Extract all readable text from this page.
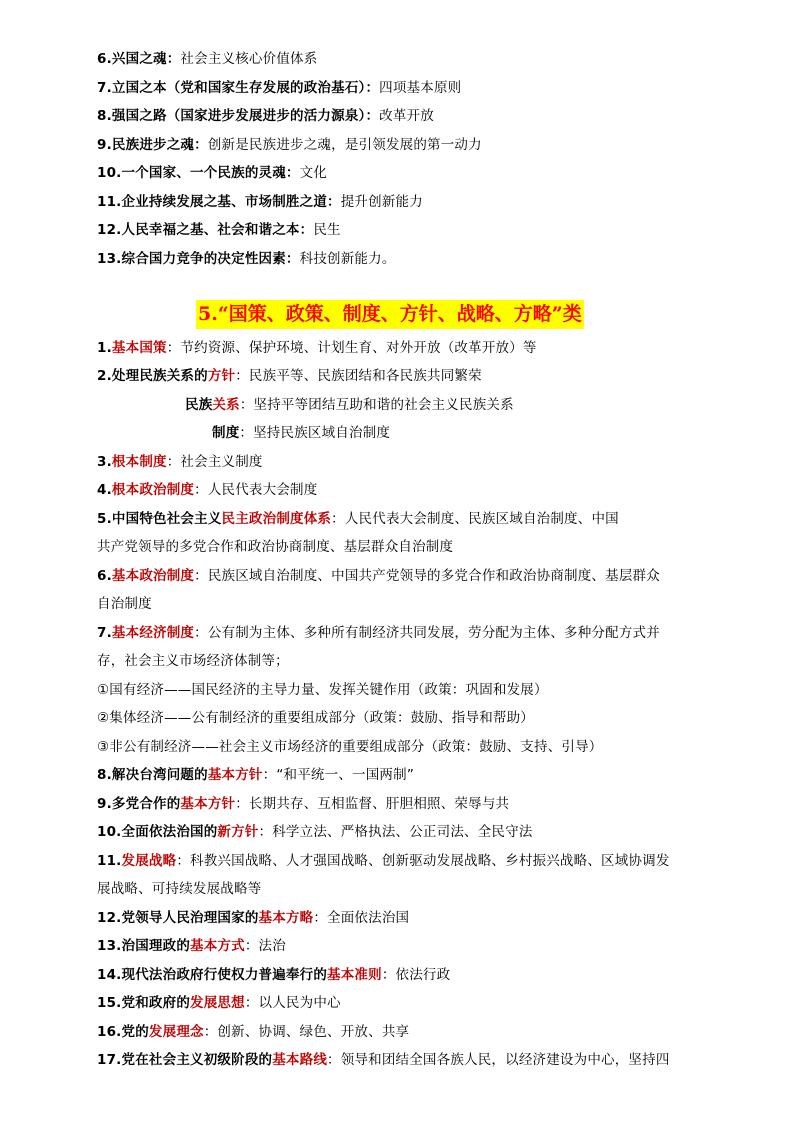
6.兴国之魂：社会主义核心价值体系
7.立国之本（党和国家生存发展的政治基石）：四项基本原则
8.强国之路（国家进步发展进步的活力源泉）：改革开放
9.民族进步之魂：创新是民族进步之魂，是引领发展的第一动力
10.一个国家、一个民族的灵魂：文化
11.企业持续发展之基、市场制胜之道：提升创新能力
12.人民幸福之基、社会和谐之本：民生
13.综合国力竞争的决定性因素：科技创新能力。
5.“国策、政策、制度、方针、战略、方略”类
1.基本国策：节约资源、保护环境、计划生育、对外开放（改革开放）等
2.处理民族关系的方针：民族平等、民族团结和各民族共同繁荣
民族关系：坚持平等团结互助和谐的社会主义民族关系
制度：坚持民族区域自治制度
3.根本制度：社会主义制度
4.根本政治制度：人民代表大会制度
5.中国特色社会主义民主政治制度体系：人民代表大会制度、民族区域自治制度、中国
共产党领导的多党合作和政治协商制度、基层群众自治制度
6.基本政治制度：民族区域自治制度、中国共产党领导的多党合作和政治协商制度、基层群众
自治制度
7.基本经济制度：公有制为主体、多种所有制经济共同发展，劳分配为主体、多种分配方式并
存，社会主义市场经济体制等；
①国有经济——国民经济的主导力量、发挥关键作用（政策：巩固和发展）
②集体经济——公有制经济的重要组成部分（政策：鼓励、指导和帮助）
③非公有制经济——社会主义市场经济的重要组成部分（政策：鼓励、支持、引导）
8.解决台湾问题的基本方针：“和平统一、一国两制”
9.多党合作的基本方针：长期共存、互相监督、肝胆相照、荣辱与共
10.全面依法治国的新方针：科学立法、严格执法、公正司法、全民守法
11.发展战略：科教兴国战略、人才强国战略、创新驱动发展战略、乡村振兴战略、区域协调发
展战略、可持续发展战略等
12.党领导人民治理国家的基本方略：全面依法治国
13.治国理政的基本方式：法治
14.现代法治政府行使权力普遍奉行的基本准则：依法行政
15.党和政府的发展思想：以人民为中心
16.党的发展理念：创新、协调、绿色、开放、共享
17.党在社会主义初级阶段的基本路线：领导和团结全国各族人民，以经济建设为中心，坚持四
